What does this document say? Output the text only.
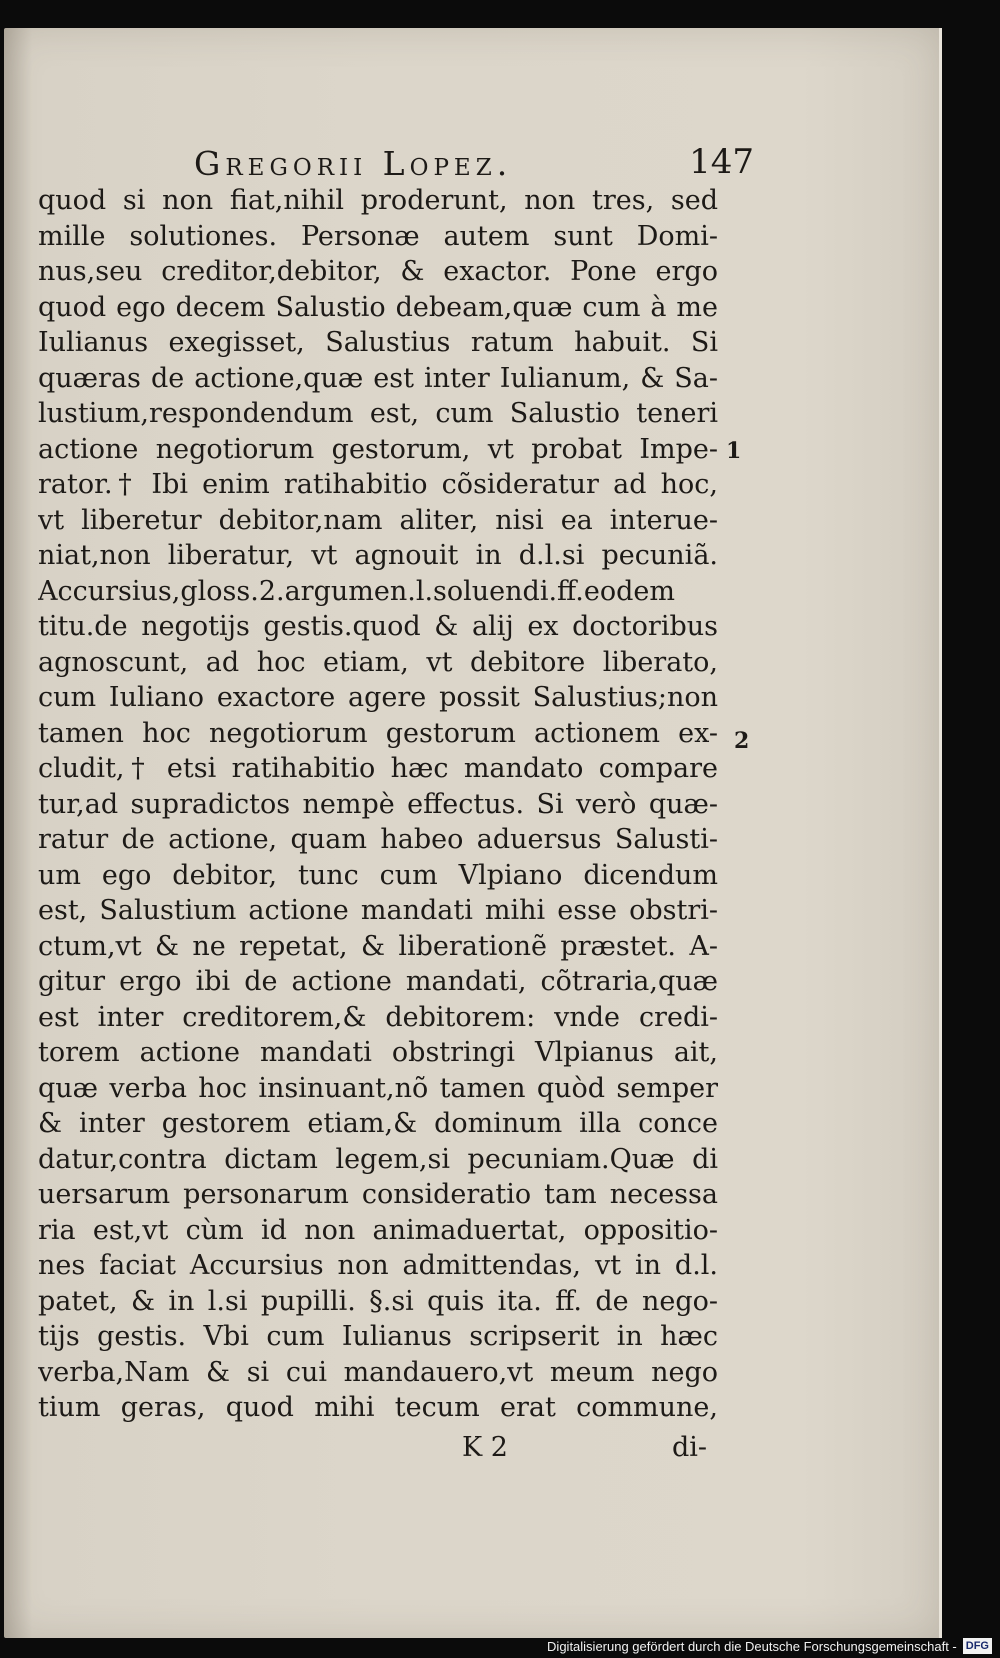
Gregorii Lopez.	147
quod si non fiat,nihil proderunt, non tres, sed
mille solutiones. Personæ autem sunt Domi-
nus,seu creditor,debitor, & exactor. Pone ergo
quod ego decem Salustio debeam,quæ cum à me
Iulianus exegisset, Salustius ratum habuit. Si
quæras de actione,quæ est inter Iulianum, & Sa-
lustium,respondendum est, cum Salustio teneri
actione negotiorum gestorum, vt probat Impe-
rator.† Ibi enim ratihabitio cõsideratur ad hoc,
vt liberetur debitor,nam aliter, nisi ea interue-
niat,non liberatur, vt agnouit in d.l.si pecuniã.
Accursius,gloss.2.argumen.l.soluendi.ff.eodem
titu.de negotijs gestis.quod & alij ex doctoribus
agnoscunt, ad hoc etiam, vt debitore liberato,
cum Iuliano exactore agere possit Salustius;non
tamen hoc negotiorum gestorum actionem ex-
cludit,† etsi ratihabitio hæc mandato compare
tur,ad supradictos nempè effectus. Si verò quæ-
ratur de actione, quam habeo aduersus Salusti-
um ego debitor, tunc cum Vlpiano dicendum
est, Salustium actione mandati mihi esse obstri-
ctum,vt & ne repetat, & liberationẽ præstet. A-
gitur ergo ibi de actione mandati, cõtraria,quæ
est inter creditorem,& debitorem: vnde credi-
torem actione mandati obstringi Vlpianus ait,
quæ verba hoc insinuant,nõ tamen quòd semper
& inter gestorem etiam,& dominum illa conce
datur,contra dictam legem,si pecuniam.Quæ di
uersarum personarum consideratio tam necessa
ria est,vt cùm id non animaduertat, oppositio-
nes faciat Accursius non admittendas, vt in d.l.
patet, & in l.si pupilli. §.si quis ita. ff. de nego-
tijs gestis. Vbi cum Iulianus scripserit in hæc
verba,Nam & si cui mandauero,vt meum nego
tium geras, quod mihi tecum erat commune,
1
2
K 2	di-
Digitalisierung gefördert durch die Deutsche Forschungsgemeinschaft - DFG
